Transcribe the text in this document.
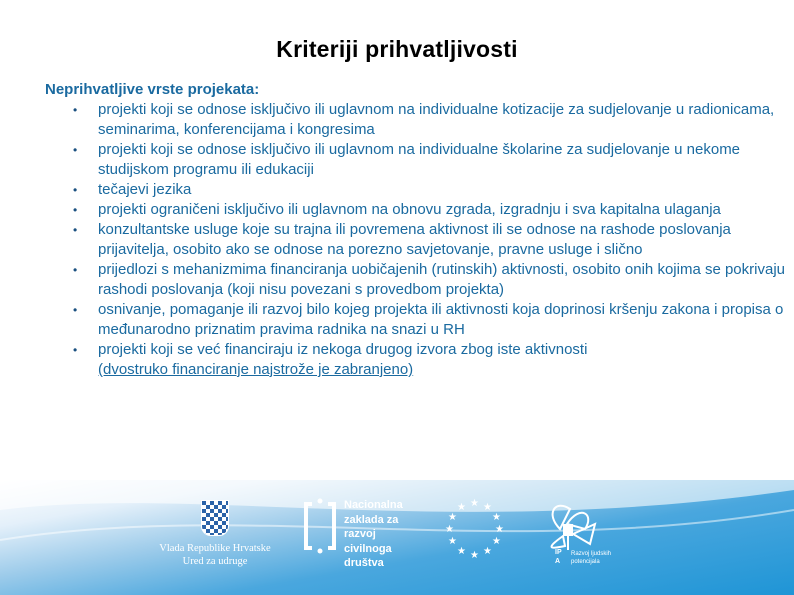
Kriteriji prihvatljivosti
Neprihvatljive vrste projekata:
• projekti koji se odnose isključivo ili uglavnom na individualne kotizacije za sudjelovanje u radionicama, seminarima, konferencijama i kongresima
• projekti koji se odnose isključivo ili uglavnom na individualne školarine za sudjelovanje u nekome studijskom programu ili edukaciji
• tečajevi jezika
• projekti ograničeni isključivo ili uglavnom na obnovu zgrada, izgradnju i sva kapitalna ulaganja
• konzultantske usluge koje su trajna ili povremena aktivnost ili se odnose na rashode poslovanja prijavitelja, osobito ako se odnose na porezno savjetovanje, pravne usluge i slično
• prijedlozi s mehanizmima financiranja uobičajenih (rutinskih) aktivnosti, osobito onih kojima se pokrivaju rashodi poslovanja (koji nisu povezani s provedbom projekta)
• osnivanje, pomaganje ili razvoj bilo kojeg projekta ili aktivnosti koja doprinosi kršenju zakona i propisa o međunarodno priznatim pravima radnika na snazi u RH
• projekti koji se već financiraju iz nekoga drugog izvora zbog iste aktivnosti
(dvostruko financiranje najstrože je zabranjeno)
Vlada Republike Hrvatske
Ured za udruge
Nacionalna zaklada za razvoj civilnoga društva
★ ★
★
★
★
★
★
★
★
★
★
★
IPA
Razvoj ljudskih potencijala
